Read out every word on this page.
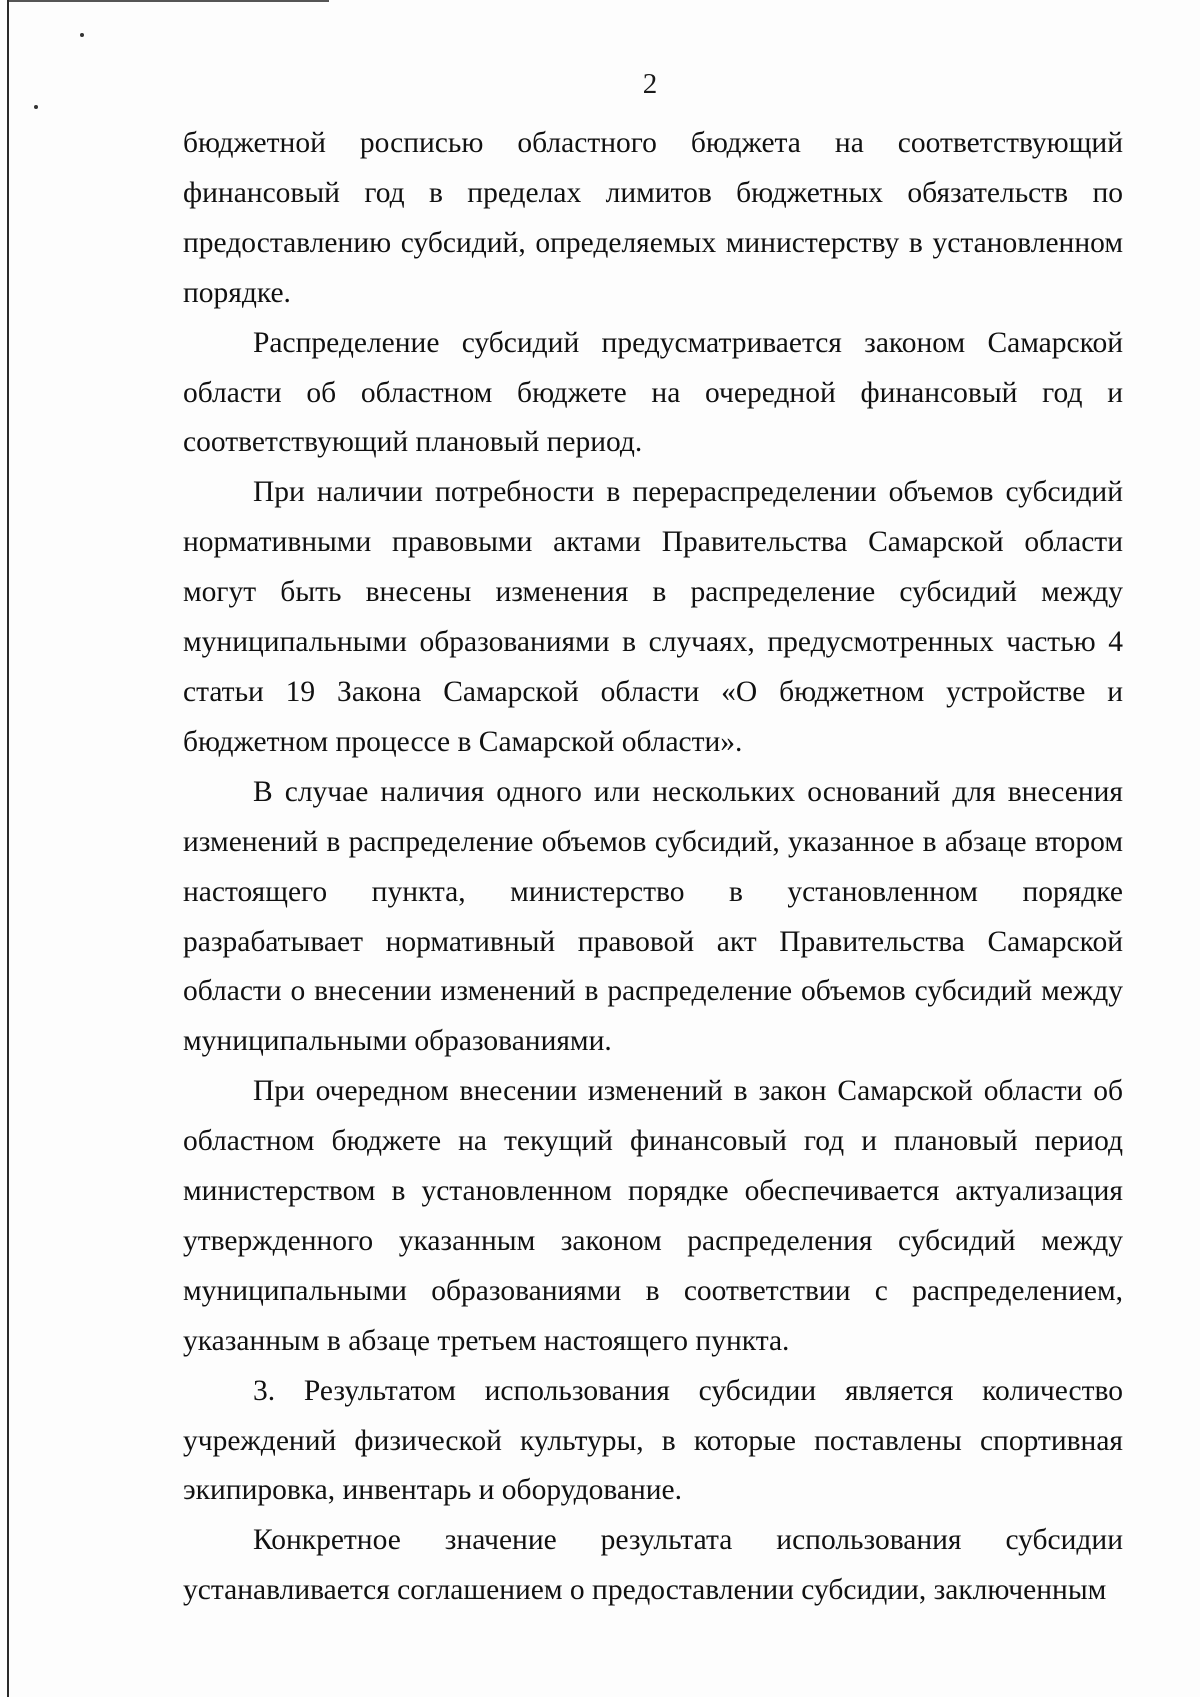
2

бюджетной росписью областного бюджета на соответствующий финансовый год в пределах лимитов бюджетных обязательств по предоставлению субсидий, определяемых министерству в установленном порядке.

Распределение субсидий предусматривается законом Самарской области об областном бюджете на очередной финансовый год и соответствующий плановый период.

При наличии потребности в перераспределении объемов субсидий нормативными правовыми актами Правительства Самарской области могут быть внесены изменения в распределение субсидий между муниципальными образованиями в случаях, предусмотренных частью 4 статьи 19 Закона Самарской области «О бюджетном устройстве и бюджетном процессе в Самарской области».

В случае наличия одного или нескольких оснований для внесения изменений в распределение объемов субсидий, указанное в абзаце втором настоящего пункта, министерство в установленном порядке разрабатывает нормативный правовой акт Правительства Самарской области о внесении изменений в распределение объемов субсидий между муниципальными образованиями.

При очередном внесении изменений в закон Самарской области об областном бюджете на текущий финансовый год и плановый период министерством в установленном порядке обеспечивается актуализация утвержденного указанным законом распределения субсидий между муниципальными образованиями в соответствии с распределением, указанным в абзаце третьем настоящего пункта.

3. Результатом использования субсидии является количество учреждений физической культуры, в которые поставлены спортивная экипировка, инвентарь и оборудование.

Конкретное значение результата использования субсидии устанавливается соглашением о предоставлении субсидии, заключенным
